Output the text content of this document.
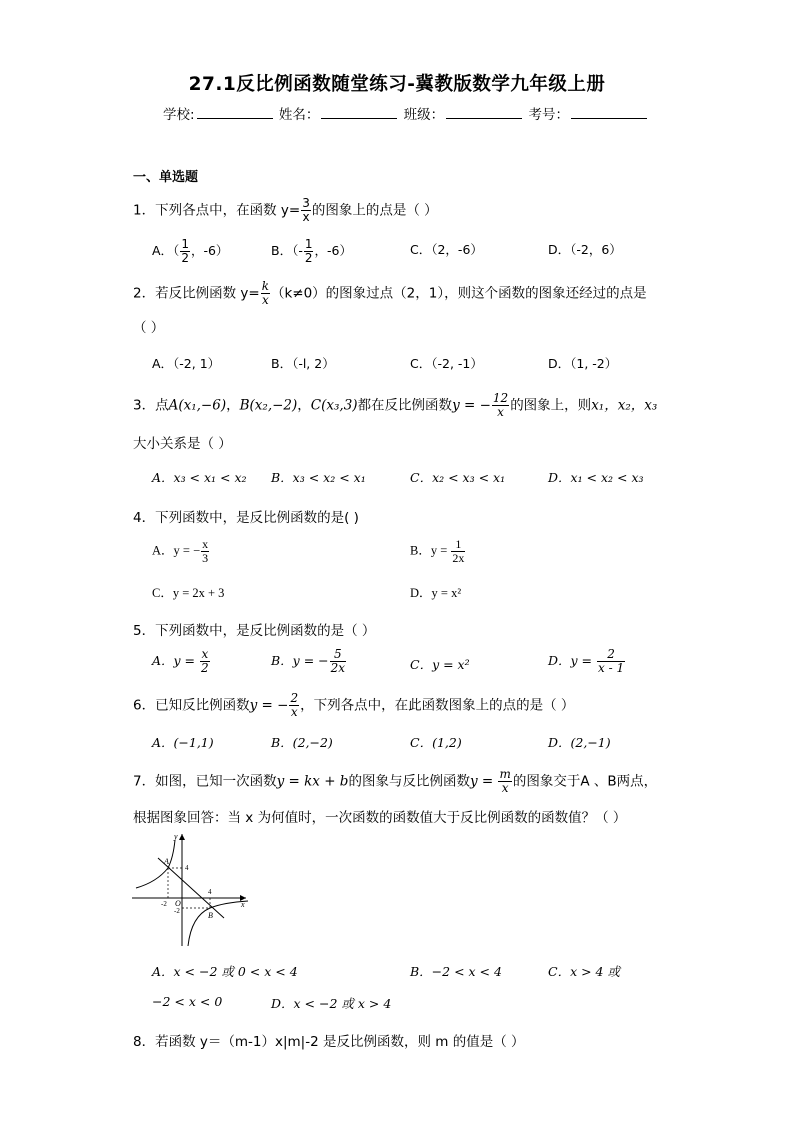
27.1反比例函数随堂练习-冀教版数学九年级上册
学校:	姓名：	班级：	考号：
一、单选题
1．下列各点中，在函数 $y= \frac{3}{x}$ 的图象上的点是（ ）
A．（ $\frac{1}{2}$ ，-6）	B．（- $\frac{1}{2}$ ，-6）	C．（2，-6）	D．（-2，6）
2．若反比例函数 $y= \frac{k}{x} (k\ne 0)$的图象过点（2，1），则这个函数的图象还经过的点是
（ ）
A．（-2, 1）	B．（-l, 2）	C．（-2, -1）	D．（1, -2）
3．点A(x₁,−6)，B(x₂,−2)，C(x₃,3)都在反比例函数y = − $\frac{12}{x}$ 的图象上，则x₁，x₂，x₃
大小关系是（ ）
A．x₃ < x₁ < x₂ B．x₃ < x₂ < x₁	C．x₂ < x₃ < x₁	D．x₁ < x₂ < x₃
4．下列函数中，是反比例函数的是( )
A．y = − $\frac{x}{3}$	B．$y = \frac{1}{2x}$
C．y = 2x + 3	D．y = x²
5．下列函数中，是反比例函数的是（ ）
A．$y = \frac{x}{2}$	B．y = − $\frac{5}{2x}$	C．y = x²	D．$y = \frac{2}{x - 1}$
6．已知反比例函数y = − $\frac{2}{x}$ ，下列各点中，在此函数图象上的点的是（ ）
A．(−1,1)	B．(2,−2)	C．(1,2)	D．(2,−1)
7．如图，已知一次函数y = kx + b的图象与反比例函数$y = \frac{m}{x}$ 的图象交于A 、B两点，
根据图象回答：当 x 为何值时，一次函数的函数值大于反比例函数的函数值？（ ）
y
x
O
A
B
4
4
-2
-2
A．x < −2 或 0 < x < 4	B．−2 < x < 4	C．x > 4 或
−2 < x < 0	D．x < −2 或 x > 4
8．若函数 y＝（m-1）x|m|-2 是反比例函数，则 m 的值是（ ）
